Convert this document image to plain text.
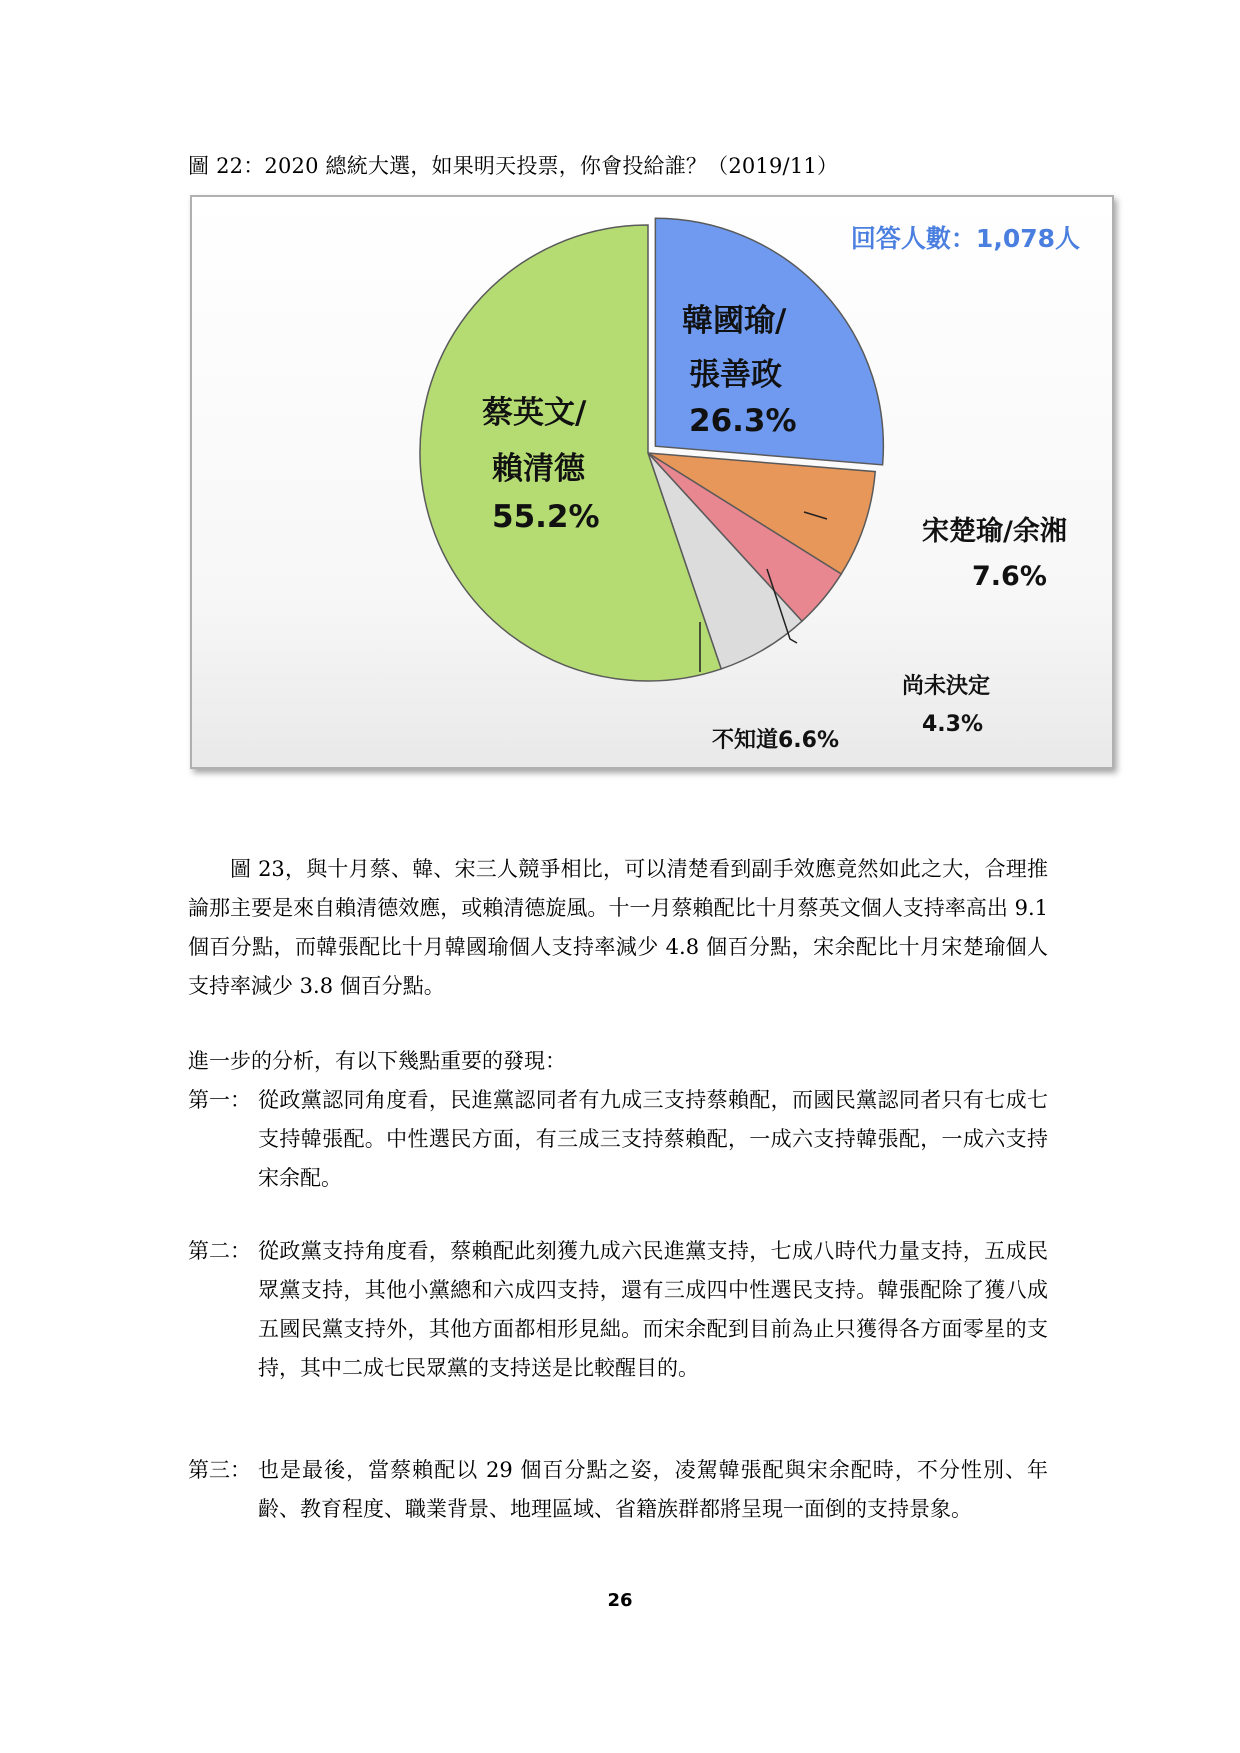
圖 22：2020 總統大選，如果明天投票，你會投給誰？（2019/11）
回答人數：1,078人
韓國瑜/
張善政
26.3%
蔡英文/
賴清德
55.2%	宋楚瑜/余湘
7.6%
尚未決定
4.3%
不知道6.6%
圖 23，與十月蔡、韓、宋三人競爭相比，可以清楚看到副手效應竟然如此之大，合理推論那主要是來自賴清德效應，或賴清德旋風。十一月蔡賴配比十月蔡英文個人支持率高出 9.1 個百分點，而韓張配比十月韓國瑜個人支持率減少 4.8 個百分點，宋余配比十月宋楚瑜個人支持率減少 3.8 個百分點。
進一步的分析，有以下幾點重要的發現：
第一： 從政黨認同角度看，民進黨認同者有九成三支持蔡賴配，而國民黨認同者只有七成七支持韓張配。中性選民方面，有三成三支持蔡賴配，一成六支持韓張配，一成六支持宋余配。
第二： 從政黨支持角度看，蔡賴配此刻獲九成六民進黨支持，七成八時代力量支持，五成民眾黨支持，其他小黨總和六成四支持，還有三成四中性選民支持。韓張配除了獲八成五國民黨支持外，其他方面都相形見絀。而宋余配到目前為止只獲得各方面零星的支持，其中二成七民眾黨的支持送是比較醒目的。
第三： 也是最後，當蔡賴配以 29 個百分點之姿，凌駕韓張配與宋余配時，不分性別、年齡、教育程度、職業背景、地理區域、省籍族群都將呈現一面倒的支持景象。
26
